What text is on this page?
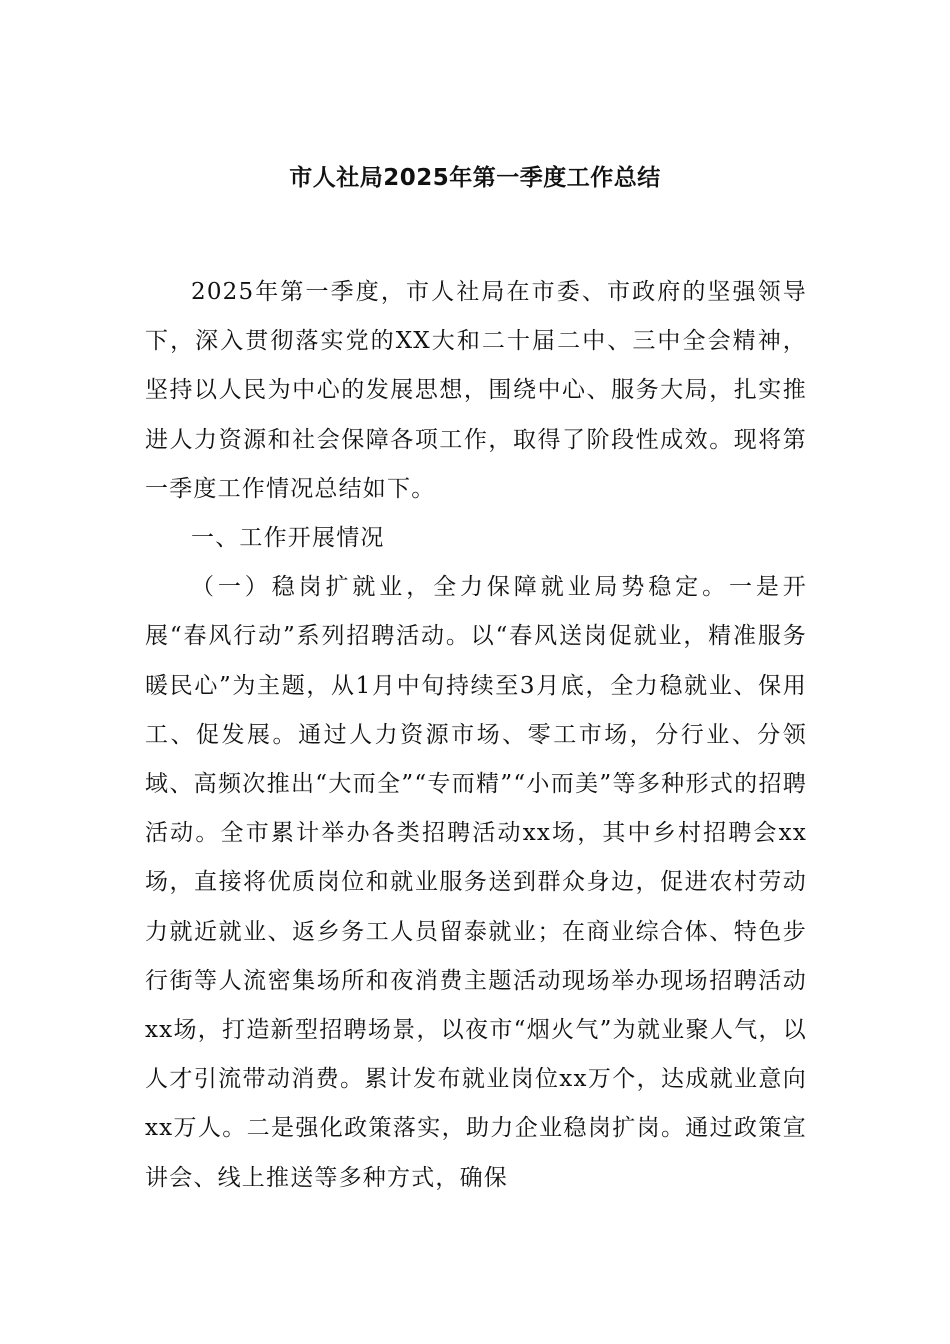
市人社局2025年第一季度工作总结

2025年第一季度，市人社局在市委、市政府的坚强领导下，深入贯彻落实党的XX大和二十届二中、三中全会精神，坚持以人民为中心的发展思想，围绕中心、服务大局，扎实推进人力资源和社会保障各项工作，取得了阶段性成效。现将第一季度工作情况总结如下。

一、工作开展情况

（一）稳岗扩就业，全力保障就业局势稳定。一是开展“春风行动”系列招聘活动。以“春风送岗促就业，精准服务暖民心”为主题，从1月中旬持续至3月底，全力稳就业、保用工、促发展。通过人力资源市场、零工市场，分行业、分领域、高频次推出“大而全”“专而精”“小而美”等多种形式的招聘活动。全市累计举办各类招聘活动xx场，其中乡村招聘会xx场，直接将优质岗位和就业服务送到群众身边，促进农村劳动力就近就业、返乡务工人员留泰就业；在商业综合体、特色步行街等人流密集场所和夜消费主题活动现场举办现场招聘活动xx场，打造新型招聘场景，以夜市“烟火气”为就业聚人气，以人才引流带动消费。累计发布就业岗位xx万个，达成就业意向xx万人。二是强化政策落实，助力企业稳岗扩岗。通过政策宣讲会、线上推送等多种方式，确保
